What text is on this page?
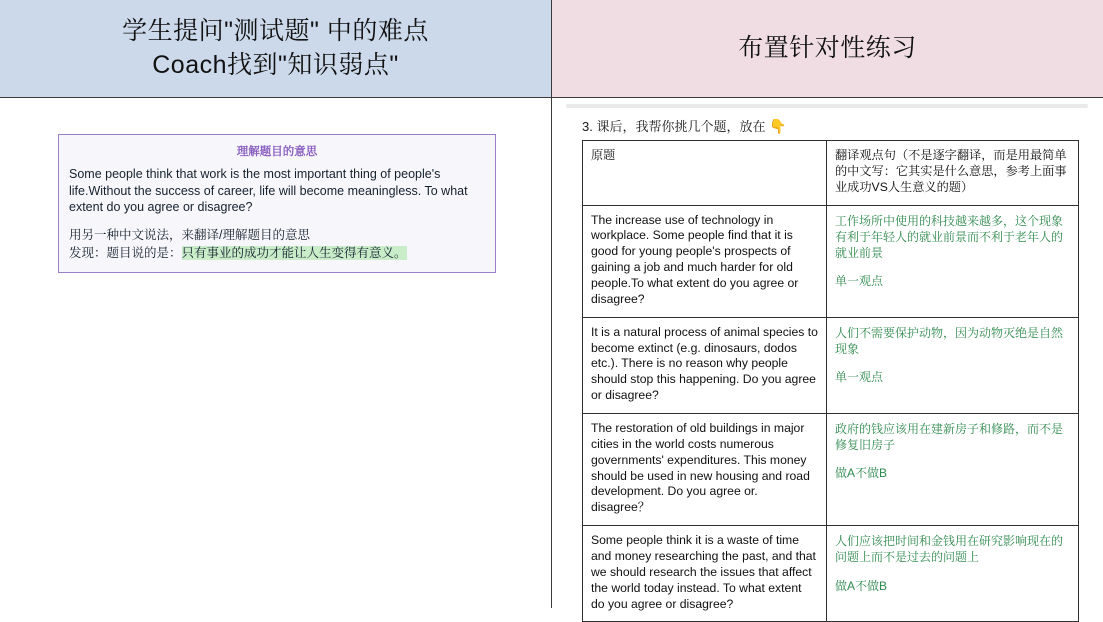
学生提问"测试题" 中的难点
Coach找到"知识弱点"
理解题目的意思
Some people think that work is the most important thing of people's life.Without the success of career, life will become meaningless. To what extent do you agree or disagree?
用另一种中文说法，来翻译/理解题目的意思
发现：题目说的是：只有事业的成功才能让人生变得有意义。
布置针对性练习
3. 课后，我帮你挑几个题，放在 👇
原题	翻译观点句（不是逐字翻译，而是用最简单的中文写：它其实是什么意思，参考上面事业成功VS人生意义的题）

The increase use of technology in workplace. Some people find that it is good for young people's prospects of gaining a job and much harder for old people.To what extent do you agree or disagree?	工作场所中使用的科技越来越多，这个现象有利于年轻人的就业前景而不利于老年人的就业前景
单一观点

It is a natural process of animal species to become extinct (e.g. dinosaurs, dodos etc.). There is no reason why people should stop this happening. Do you agree or disagree?	人们不需要保护动物，因为动物灭绝是自然现象
单一观点

The restoration of old buildings in major cities in the world costs numerous governments' expenditures. This money should be used in new housing and road development. Do you agree or. disagree？	政府的钱应该用在建新房子和修路，而不是修复旧房子
做A不做B

Some people think it is a waste of time and money researching the past, and that we should research the issues that affect the world today instead. To what extent do you agree or disagree?	人们应该把时间和金钱用在研究影响现在的问题上而不是过去的问题上
做A不做B
